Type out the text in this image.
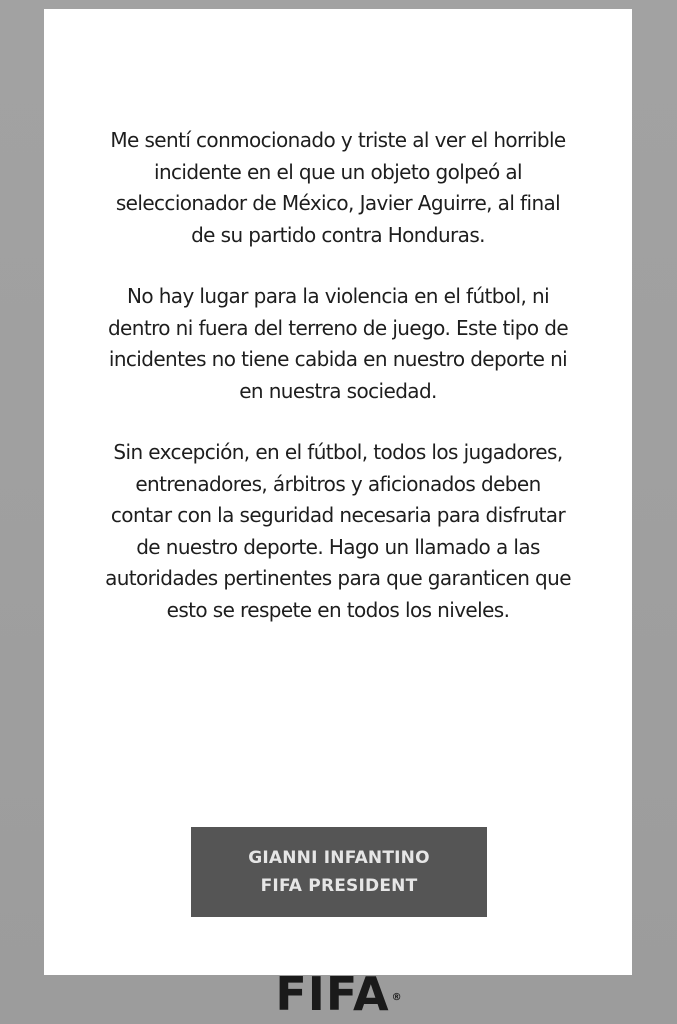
Me sentí conmocionado y triste al ver el horrible
incidente en el que un objeto golpeó al
seleccionador de México, Javier Aguirre, al final
de su partido contra Honduras.

No hay lugar para la violencia en el fútbol, ni
dentro ni fuera del terreno de juego. Este tipo de
incidentes no tiene cabida en nuestro deporte ni
en nuestra sociedad.

Sin excepción, en el fútbol, todos los jugadores,
entrenadores, árbitros y aficionados deben
contar con la seguridad necesaria para disfrutar
de nuestro deporte. Hago un llamado a las
autoridades pertinentes para que garanticen que
esto se respete en todos los niveles.

GIANNI INFANTINO
FIFA PRESIDENT
FIFA ®
